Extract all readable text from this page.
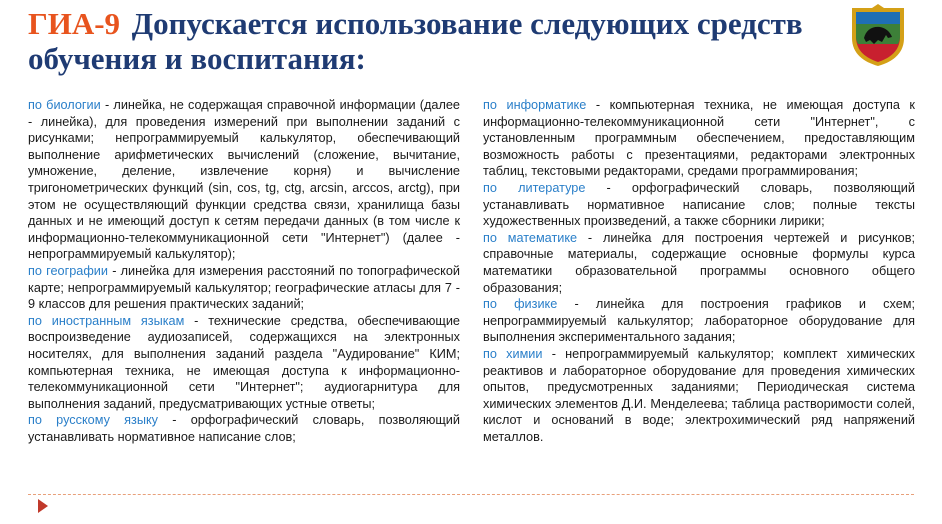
ГИА-9 Допускается использование следующих средств обучения и воспитания:

по биологии - линейка, не содержащая справочной информации (далее - линейка), для проведения измерений при выполнении заданий с рисунками; непрограммируемый калькулятор, обеспечивающий выполнение арифметических вычислений (сложение, вычитание, умножение, деление, извлечение корня) и вычисление тригонометрических функций (sin, cos, tg, ctg, arcsin, arccos, arctg), при этом не осуществляющий функции средства связи, хранилища базы данных и не имеющий доступ к сетям передачи данных (в том числе к информационно-телекоммуникационной сети "Интернет") (далее - непрограммируемый калькулятор);

по географии - линейка для измерения расстояний по топографической карте; непрограммируемый калькулятор; географические атласы для 7 - 9 классов для решения практических заданий;

по иностранным языкам - технические средства, обеспечивающие воспроизведение аудиозаписей, содержащихся на электронных носителях, для выполнения заданий раздела "Аудирование" КИМ; компьютерная техника, не имеющая доступа к информационно-телекоммуникационной сети "Интернет"; аудиогарнитура для выполнения заданий, предусматривающих устные ответы;

по русскому языку - орфографический словарь, позволяющий устанавливать нормативное написание слов;

по информатике - компьютерная техника, не имеющая доступа к информационно-телекоммуникационной сети "Интернет", с установленным программным обеспечением, предоставляющим возможность работы с презентациями, редакторами электронных таблиц, текстовыми редакторами, средами программирования;

по литературе - орфографический словарь, позволяющий устанавливать нормативное написание слов; полные тексты художественных произведений, а также сборники лирики;

по математике - линейка для построения чертежей и рисунков; справочные материалы, содержащие основные формулы курса математики образовательной программы основного общего образования;

по физике - линейка для построения графиков и схем; непрограммируемый калькулятор; лабораторное оборудование для выполнения экспериментального задания;

по химии - непрограммируемый калькулятор; комплект химических реактивов и лабораторное оборудование для проведения химических опытов, предусмотренных заданиями; Периодическая система химических элементов Д.И. Менделеева; таблица растворимости солей, кислот и оснований в воде; электрохимический ряд напряжений металлов.
